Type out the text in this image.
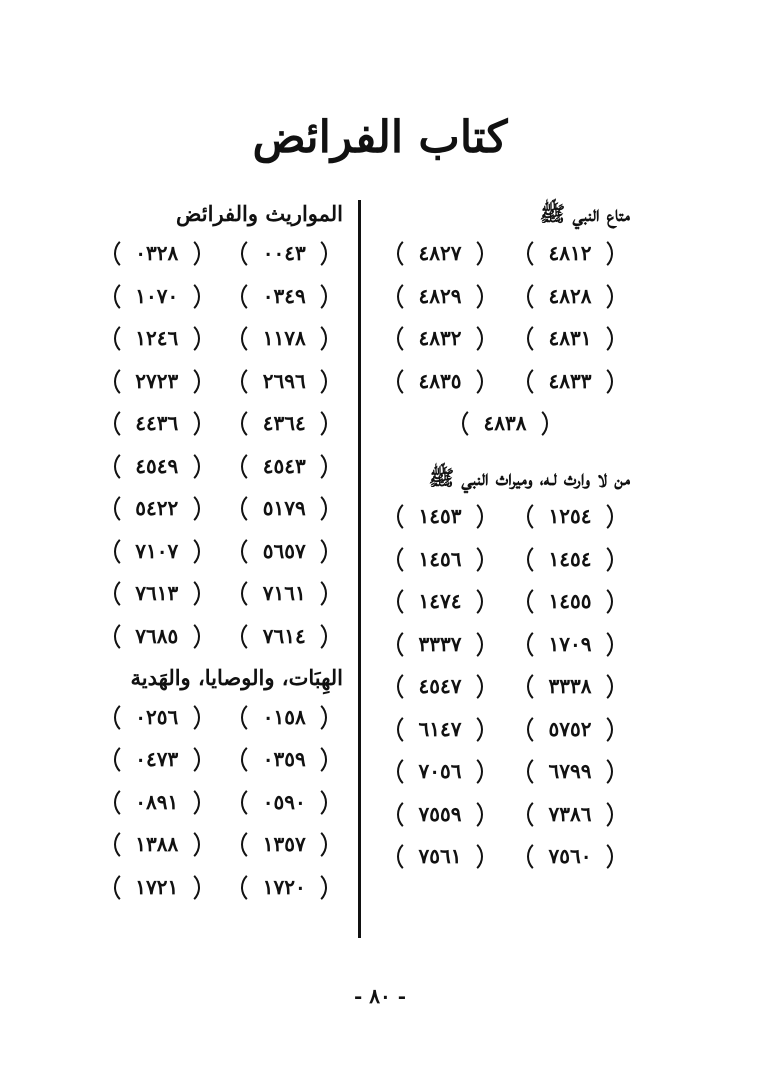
كتاب الفرائض
متاع النبي ﷺ
٤٨١٢
٤٨٢٧
٤٨٢٨
٤٨٢٩
٤٨٣١
٤٨٣٢
٤٨٣٣
٤٨٣٥
٤٨٣٨
من لا وارث لـه، وميراث النبي ﷺ
١٢٥٤
١٤٥٣
١٤٥٤
١٤٥٦
١٤٥٥
١٤٧٤
١٧٠٩
٣٣٣٧
٣٣٣٨
٤٥٤٧
٥٧٥٢
٦١٤٧
٦٧٩٩
٧٠٥٦
٧٣٨٦
٧٥٥٩
٧٥٦٠
٧٥٦١
المواريث والفرائض
٠٠٤٣
٠٣٢٨
٠٣٤٩
١٠٧٠
١١٧٨
١٢٤٦
٢٦٩٦
٢٧٢٣
٤٣٦٤
٤٤٣٦
٤٥٤٣
٤٥٤٩
٥١٧٩
٥٤٢٢
٥٦٥٧
٧١٠٧
٧١٦١
٧٦١٣
٧٦١٤
٧٦٨٥
الهِبَات، والوصايا، والهَدية
٠١٥٨
٠٢٥٦
٠٣٥٩
٠٤٧٣
٠٥٩٠
٠٨٩١
١٣٥٧
١٣٨٨
١٧٢٠
١٧٢١
- ٨٠ -
